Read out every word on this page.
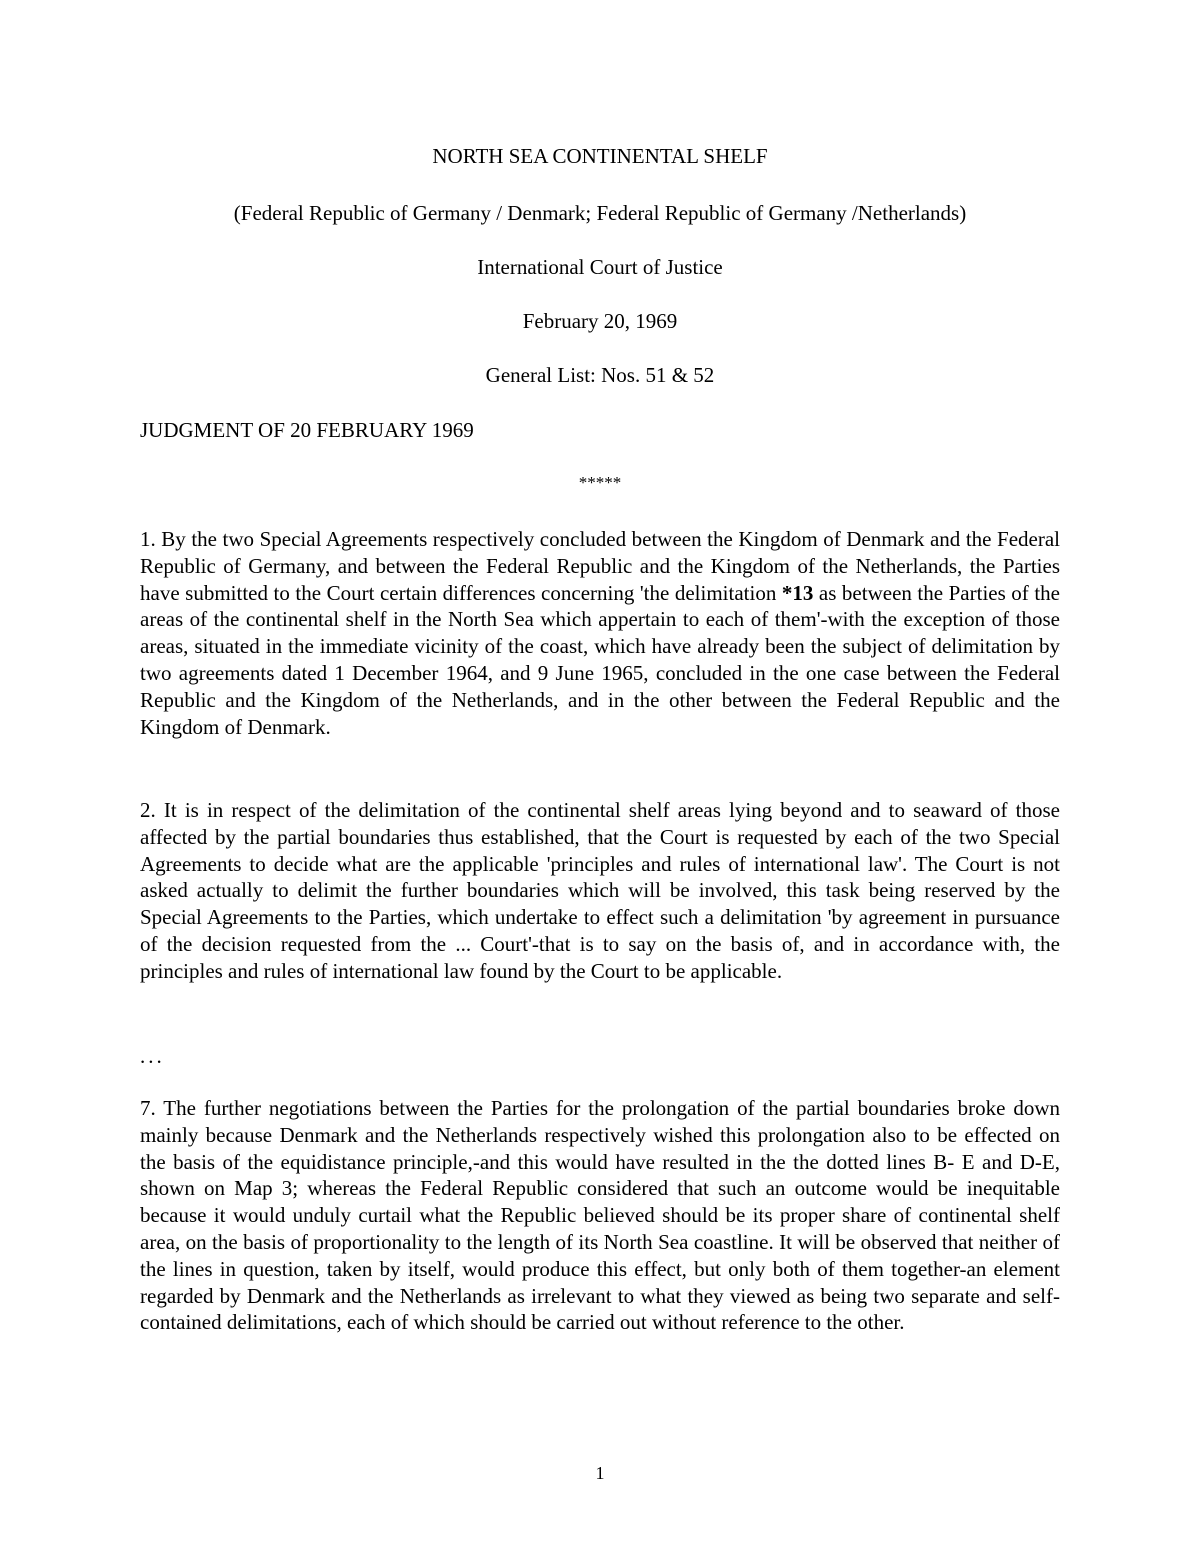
NORTH SEA CONTINENTAL SHELF
(Federal Republic of Germany / Denmark; Federal Republic of Germany /Netherlands)
International Court of Justice
February 20, 1969
General List: Nos. 51 & 52
JUDGMENT OF 20 FEBRUARY 1969
*****

1. By the two Special Agreements respectively concluded between the Kingdom of Denmark and the Federal Republic of Germany, and between the Federal Republic and the Kingdom of the Netherlands, the Parties have submitted to the Court certain differences concerning 'the delimitation *13 as between the Parties of the areas of the continental shelf in the North Sea which appertain to each of them'-with the exception of those areas, situated in the immediate vicinity of the coast, which have already been the subject of delimitation by two agreements dated 1 December 1964, and 9 June 1965, concluded in the one case between the Federal Republic and the Kingdom of the Netherlands, and in the other between the Federal Republic and the Kingdom of Denmark.

2. It is in respect of the delimitation of the continental shelf areas lying beyond and to seaward of those affected by the partial boundaries thus established, that the Court is requested by each of the two Special Agreements to decide what are the applicable 'principles and rules of international law'. The Court is not asked actually to delimit the further boundaries which will be involved, this task being reserved by the Special Agreements to the Parties, which undertake to effect such a delimitation 'by agreement in pursuance of the decision requested from the ... Court'-that is to say on the basis of, and in accordance with, the principles and rules of international law found by the Court to be applicable.

...

7. The further negotiations between the Parties for the prolongation of the partial boundaries broke down mainly because Denmark and the Netherlands respectively wished this prolongation also to be effected on the basis of the equidistance principle,-and this would have resulted in the the dotted lines B- E and D-E, shown on Map 3; whereas the Federal Republic considered that such an outcome would be inequitable because it would unduly curtail what the Republic believed should be its proper share of continental shelf area, on the basis of proportionality to the length of its North Sea coastline. It will be observed that neither of the lines in question, taken by itself, would produce this effect, but only both of them together-an element regarded by Denmark and the Netherlands as irrelevant to what they viewed as being two separate and self-contained delimitations, each of which should be carried out without reference to the other.

1
